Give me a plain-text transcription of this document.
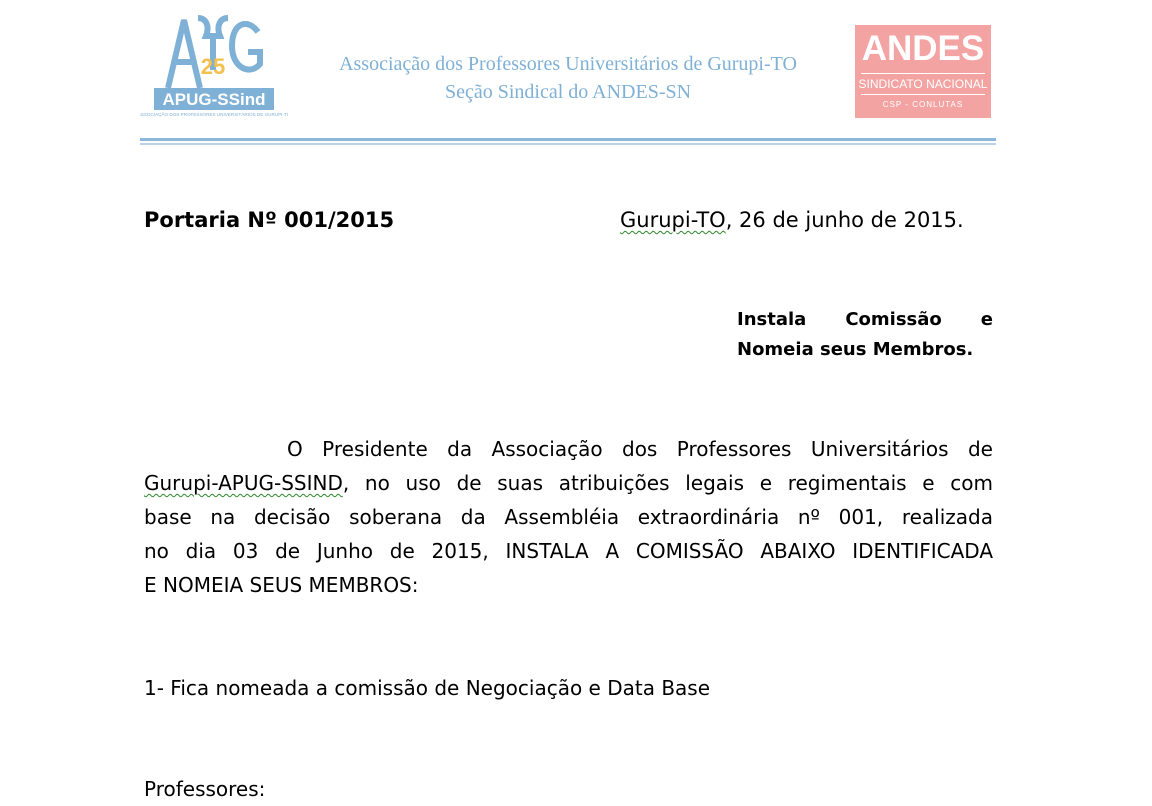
25
APUG-SSind
ASSOCIAÇÃO DOS PROFESSORES UNIVERSITÁRIOS DE GURUPI-TO
Associação dos Professores Universitários de Gurupi-TO
Seção Sindical do ANDES-SN
ANDES
SINDICATO NACIONAL
CSP - CONLUTAS
Portaria Nº 001/2015	Gurupi-TO, 26 de junho de 2015.
Instala Comissão e
Nomeia seus Membros.
O Presidente da Associação dos Professores Universitários de
Gurupi-APUG-SSIND, no uso de suas atribuições legais e regimentais e com
base na decisão soberana da Assembléia extraordinária nº 001, realizada
no dia 03 de Junho de 2015, INSTALA A COMISSÃO ABAIXO IDENTIFICADA
E NOMEIA SEUS MEMBROS:
1- Fica nomeada a comissão de Negociação e Data Base
Professores:
